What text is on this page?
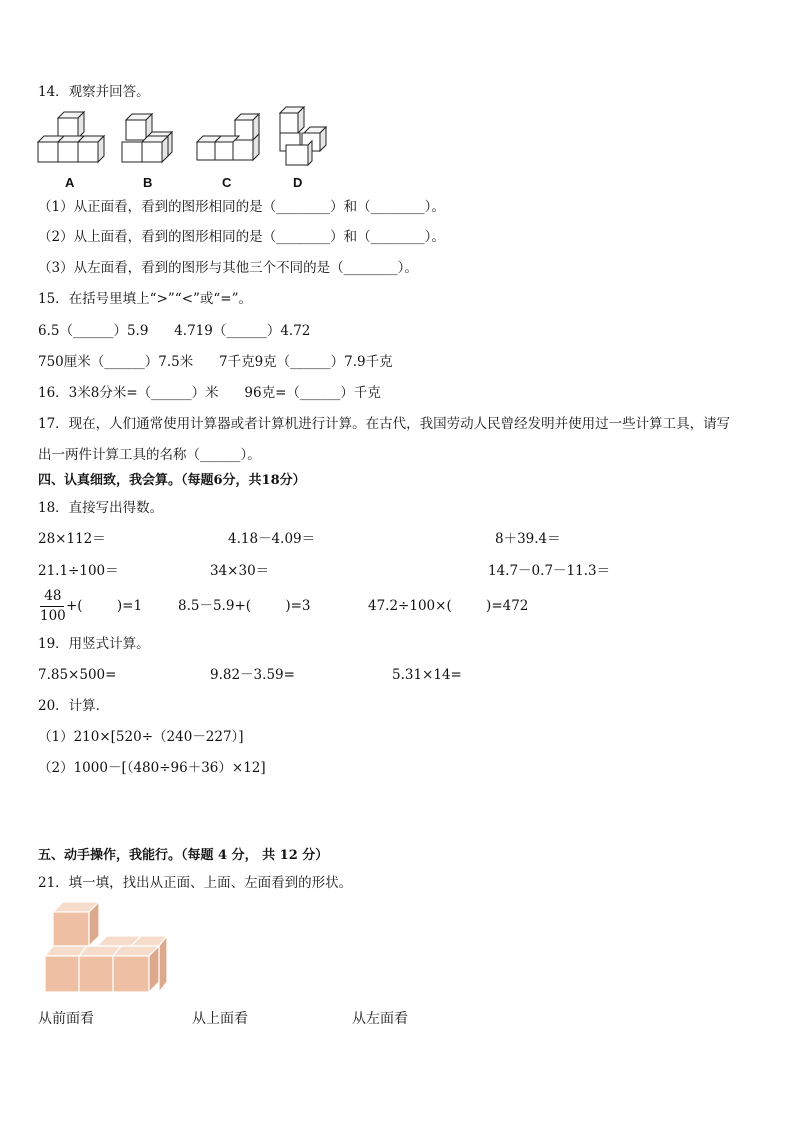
14．观察并回答。
A	B	C	D
（1）从正面看，看到的图形相同的是（________）和（________）。
（2）从上面看，看到的图形相同的是（________）和（________）。
（3）从左面看，看到的图形与其他三个不同的是（________）。
15．在括号里填上“>”“<”或“=”。
6.5（______）5.9      4.719（______）4.72
750厘米（______）7.5米      7千克9克（______）7.9千克
16．3米8分米=（______）米      96克=（______）千克
17．现在，人们通常使用计算器或者计算机进行计算。在古代，我国劳动人民曾经发明并使用过一些计算工具，请写
出一两件计算工具的名称（______）。
四、认真细致，我会算。（每题6分，共18分）
18．直接写出得数。
28×112＝	4.18－4.09＝	8＋39.4＝
21.1÷100＝	34×30＝	14.7－0.7－11.3＝
48
100
+(        )=1	8.5－5.9+(        )=3	47.2÷100×(        )=472
19．用竖式计算。
7.85×500=	9.82－3.59=	5.31×14=
20．计算．
（1）210×[520÷（240－227）]
（2）1000－[（480÷96＋36）×12]
五、动手操作，我能行。（每题 4 分， 共 12 分）
21．填一填，找出从正面、上面、左面看到的形状。
从前面看	从上面看	从左面看
